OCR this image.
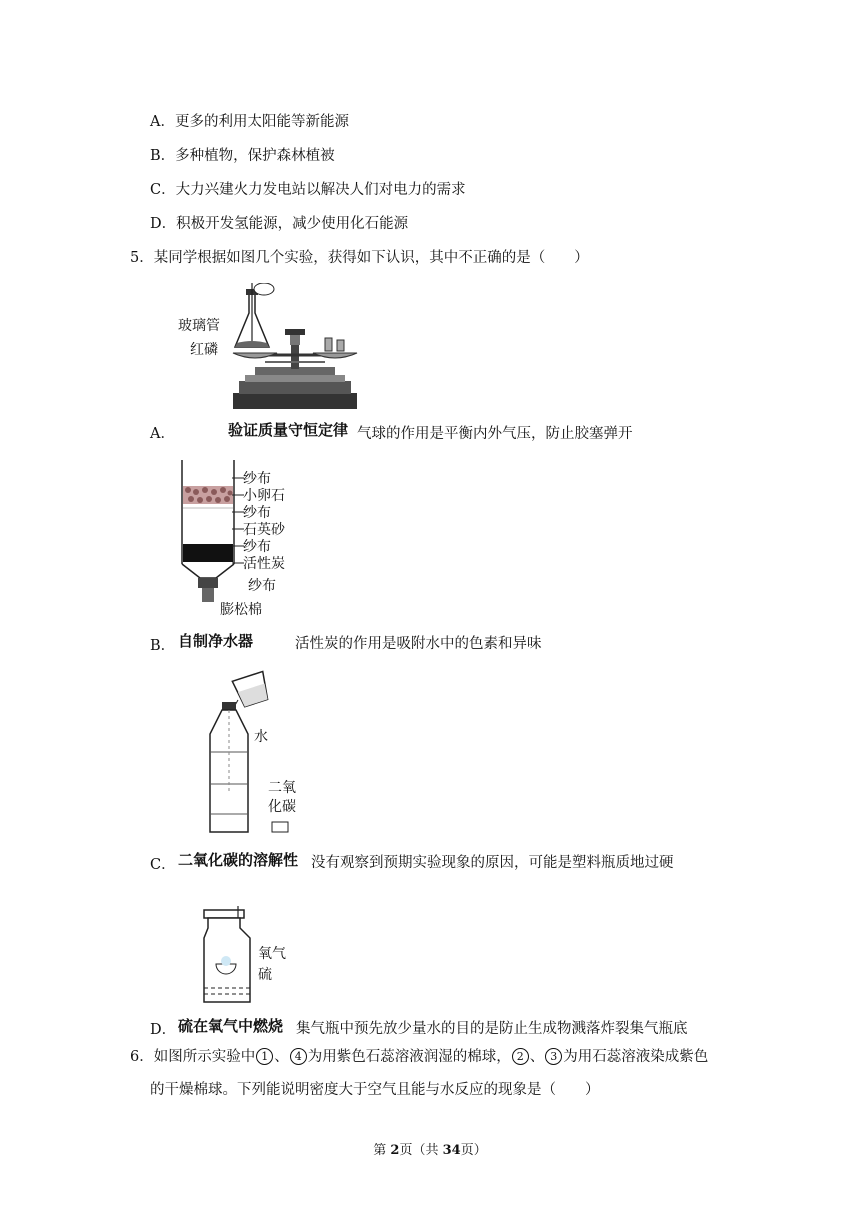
A．更多的利用太阳能等新能源
B．多种植物，保护森林植被
C．大力兴建火力发电站以解决人们对电力的需求
D．积极开发氢能源，减少使用化石能源
5．某同学根据如图几个实验，获得如下认识，其中不正确的是（　　）
玻璃管
红磷
A．	验证质量守恒定律 气球的作用是平衡内外气压，防止胶塞弹开
纱布
小卵石
纱布
石英砂
纱布
活性炭
纱布
膨松棉
B． 自制净水器	活性炭的作用是吸附水中的色素和异味
水
二氧
化碳
C． 二氧化碳的溶解性 没有观察到预期实验现象的原因，可能是塑料瓶质地过硬
氧气
硫
D． 硫在氧气中燃烧 集气瓶中预先放少量水的目的是防止生成物溅落炸裂集气瓶底
6．如图所示实验中 1 、 4 为用紫色石蕊溶液润湿的棉球， 2 、 3 为用石蕊溶液染成紫色
的干燥棉球。下列能说明密度大于空气且能与水反应的现象是（　　）
第 2页（共 34页）
